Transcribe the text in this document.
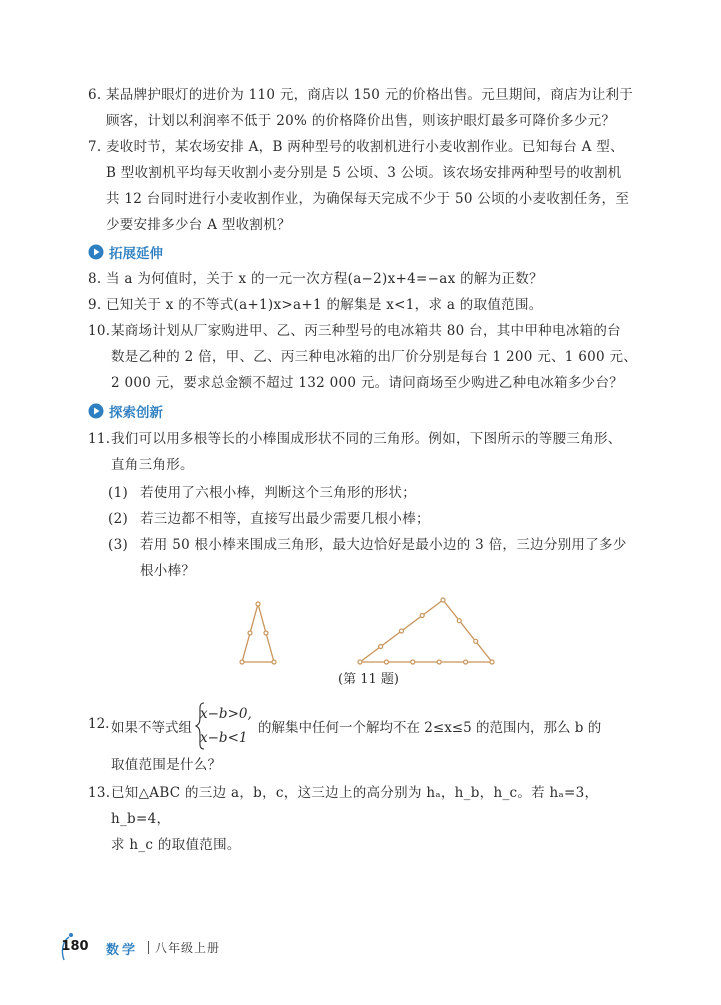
6. 某品牌护眼灯的进价为 110 元，商店以 150 元的价格出售。元旦期间，商店为让利于
顾客，计划以利润率不低于 20% 的价格降价出售，则该护眼灯最多可降价多少元？
7. 麦收时节，某农场安排 A，B 两种型号的收割机进行小麦收割作业。已知每台 A 型、
B 型收割机平均每天收割小麦分别是 5 公顷、3 公顷。该农场安排两种型号的收割机
共 12 台同时进行小麦收割作业，为确保每天完成不少于 50 公顷的小麦收割任务，至
少要安排多少台 A 型收割机？
拓展延伸
8. 当 a 为何值时，关于 x 的一元一次方程(a−2)x+4=−ax 的解为正数？
9. 已知关于 x 的不等式(a+1)x>a+1 的解集是 x<1，求 a 的取值范围。
10. 某商场计划从厂家购进甲、乙、丙三种型号的电冰箱共 80 台，其中甲种电冰箱的台
数是乙种的 2 倍，甲、乙、丙三种电冰箱的出厂价分别是每台 1 200 元、1 600 元、
2 000 元，要求总金额不超过 132 000 元。请问商场至少购进乙种电冰箱多少台？
探索创新
11. 我们可以用多根等长的小棒围成形状不同的三角形。例如，下图所示的等腰三角形、
直角三角形。
(1) 若使用了六根小棒，判断这个三角形的形状；
(2) 若三边都不相等，直接写出最少需要几根小棒；
(3) 若用 50 根小棒来围成三角形，最大边恰好是最小边的 3 倍，三边分别用了多少
根小棒？
(第 11 题)
12. 如果不等式组
x−b>0,
x−b<1
的解集中任何一个解均不在 2≤x≤5 的范围内，那么 b 的
取值范围是什么？
13. 已知△ABC 的三边 a，b，c，这三边上的高分别为 hₐ，h_b，h_c。若 hₐ=3，h_b=4，
求 h_c 的取值范围。
180 数学 八年级上册
